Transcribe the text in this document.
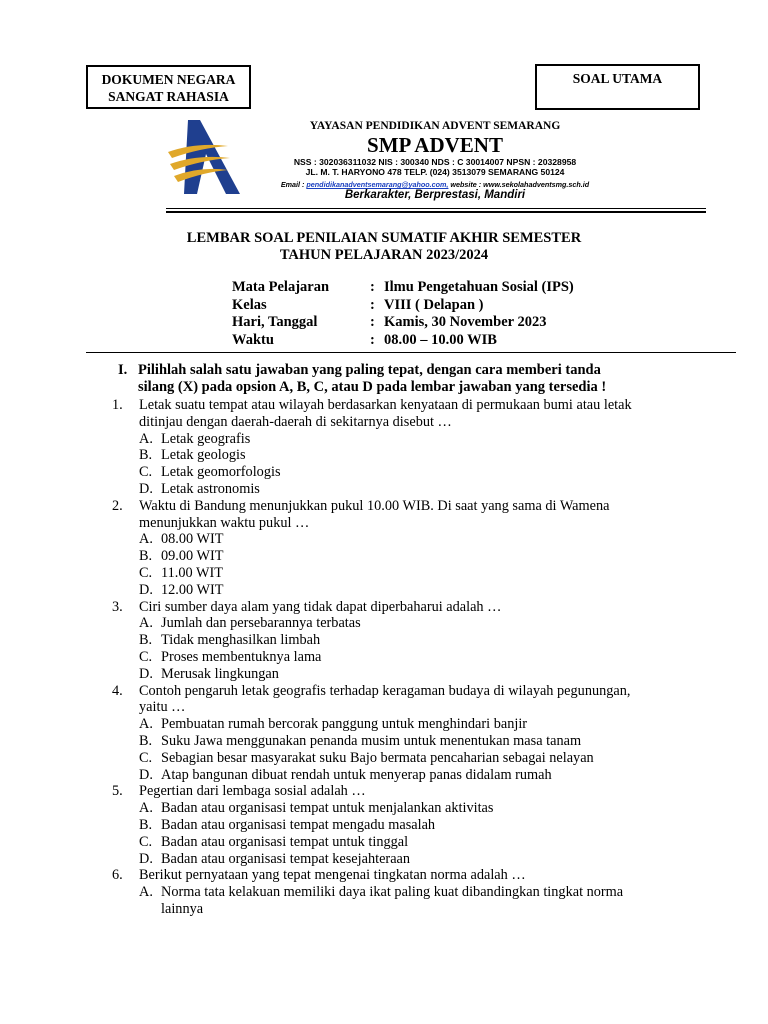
DOKUMEN NEGARA
SANGAT RAHASIA
SOAL UTAMA
YAYASAN PENDIDIKAN ADVENT SEMARANG
SMP ADVENT
NSS : 302036311032 NIS : 300340 NDS : C 30014007 NPSN : 20328958
JL. M. T. HARYONO 478 TELP. (024) 3513079 SEMARANG 50124
Email : pendidikanadventsemarang@yahoo.com, website : www.sekolahadventsmg.sch.id
Berkarakter, Berprestasi, Mandiri
LEMBAR SOAL PENILAIAN SUMATIF AKHIR SEMESTER
TAHUN PELAJARAN 2023/2024
Mata Pelajaran	: Ilmu Pengetahuan Sosial (IPS)
Kelas	: VIII ( Delapan )
Hari, Tanggal	: Kamis, 30 November 2023
Waktu	: 08.00 – 10.00 WIB
I. Pilihlah salah satu jawaban yang paling tepat, dengan cara memberi tanda
silang (X) pada opsion A, B, C, atau D pada lembar jawaban yang tersedia !
1. Letak suatu tempat atau wilayah berdasarkan kenyataan di permukaan bumi atau letak
ditinjau dengan daerah-daerah di sekitarnya disebut …
A. Letak geografis
B. Letak geologis
C. Letak geomorfologis
D. Letak astronomis
2. Waktu di Bandung menunjukkan pukul 10.00 WIB. Di saat yang sama di Wamena
menunjukkan waktu pukul …
A. 08.00 WIT
B. 09.00 WIT
C. 11.00 WIT
D. 12.00 WIT
3. Ciri sumber daya alam yang tidak dapat diperbaharui adalah …
A. Jumlah dan persebarannya terbatas
B. Tidak menghasilkan limbah
C. Proses membentuknya lama
D. Merusak lingkungan
4. Contoh pengaruh letak geografis terhadap keragaman budaya di wilayah pegunungan,
yaitu …
A. Pembuatan rumah bercorak panggung untuk menghindari banjir
B. Suku Jawa menggunakan penanda musim untuk menentukan masa tanam
C. Sebagian besar masyarakat suku Bajo bermata pencaharian sebagai nelayan
D. Atap bangunan dibuat rendah untuk menyerap panas didalam rumah
5. Pegertian dari lembaga sosial adalah …
A. Badan atau organisasi tempat untuk menjalankan aktivitas
B. Badan atau organisasi tempat mengadu masalah
C. Badan atau organisasi tempat untuk tinggal
D. Badan atau organisasi tempat kesejahteraan
6. Berikut pernyataan yang tepat mengenai tingkatan norma adalah …
A. Norma tata kelakuan memiliki daya ikat paling kuat dibandingkan tingkat norma
lainnya
